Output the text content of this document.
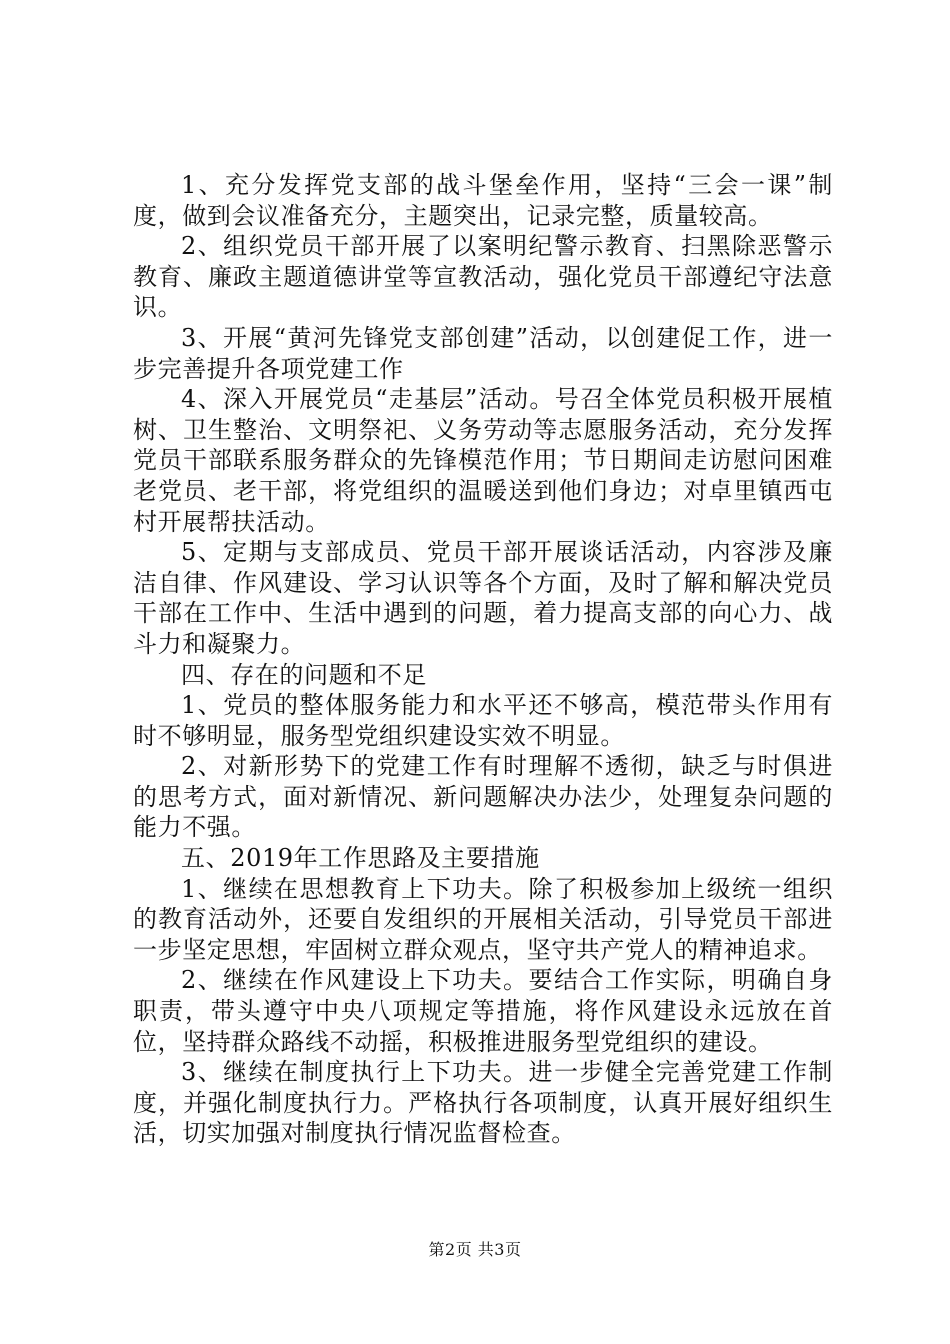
1、充分发挥党支部的战斗堡垒作用，坚持“三会一课”制度，做到会议准备充分，主题突出，记录完整，质量较高。

2、组织党员干部开展了以案明纪警示教育、扫黑除恶警示教育、廉政主题道德讲堂等宣教活动，强化党员干部遵纪守法意识。

3、开展“黄河先锋党支部创建”活动，以创建促工作，进一步完善提升各项党建工作

4、深入开展党员“走基层”活动。号召全体党员积极开展植树、卫生整治、文明祭祀、义务劳动等志愿服务活动，充分发挥党员干部联系服务群众的先锋模范作用；节日期间走访慰问困难老党员、老干部，将党组织的温暖送到他们身边；对卓里镇西屯村开展帮扶活动。

5、定期与支部成员、党员干部开展谈话活动，内容涉及廉洁自律、作风建设、学习认识等各个方面，及时了解和解决党员干部在工作中、生活中遇到的问题，着力提高支部的向心力、战斗力和凝聚力。

四、存在的问题和不足

1、党员的整体服务能力和水平还不够高，模范带头作用有时不够明显，服务型党组织建设实效不明显。

2、对新形势下的党建工作有时理解不透彻，缺乏与时俱进的思考方式，面对新情况、新问题解决办法少，处理复杂问题的能力不强。

五、2019年工作思路及主要措施

1、继续在思想教育上下功夫。除了积极参加上级统一组织的教育活动外，还要自发组织的开展相关活动，引导党员干部进一步坚定思想，牢固树立群众观点，坚守共产党人的精神追求。

2、继续在作风建设上下功夫。要结合工作实际，明确自身职责，带头遵守中央八项规定等措施，将作风建设永远放在首位，坚持群众路线不动摇，积极推进服务型党组织的建设。

3、继续在制度执行上下功夫。进一步健全完善党建工作制度，并强化制度执行力。严格执行各项制度，认真开展好组织生活，切实加强对制度执行情况监督检查。

第2页 共3页
